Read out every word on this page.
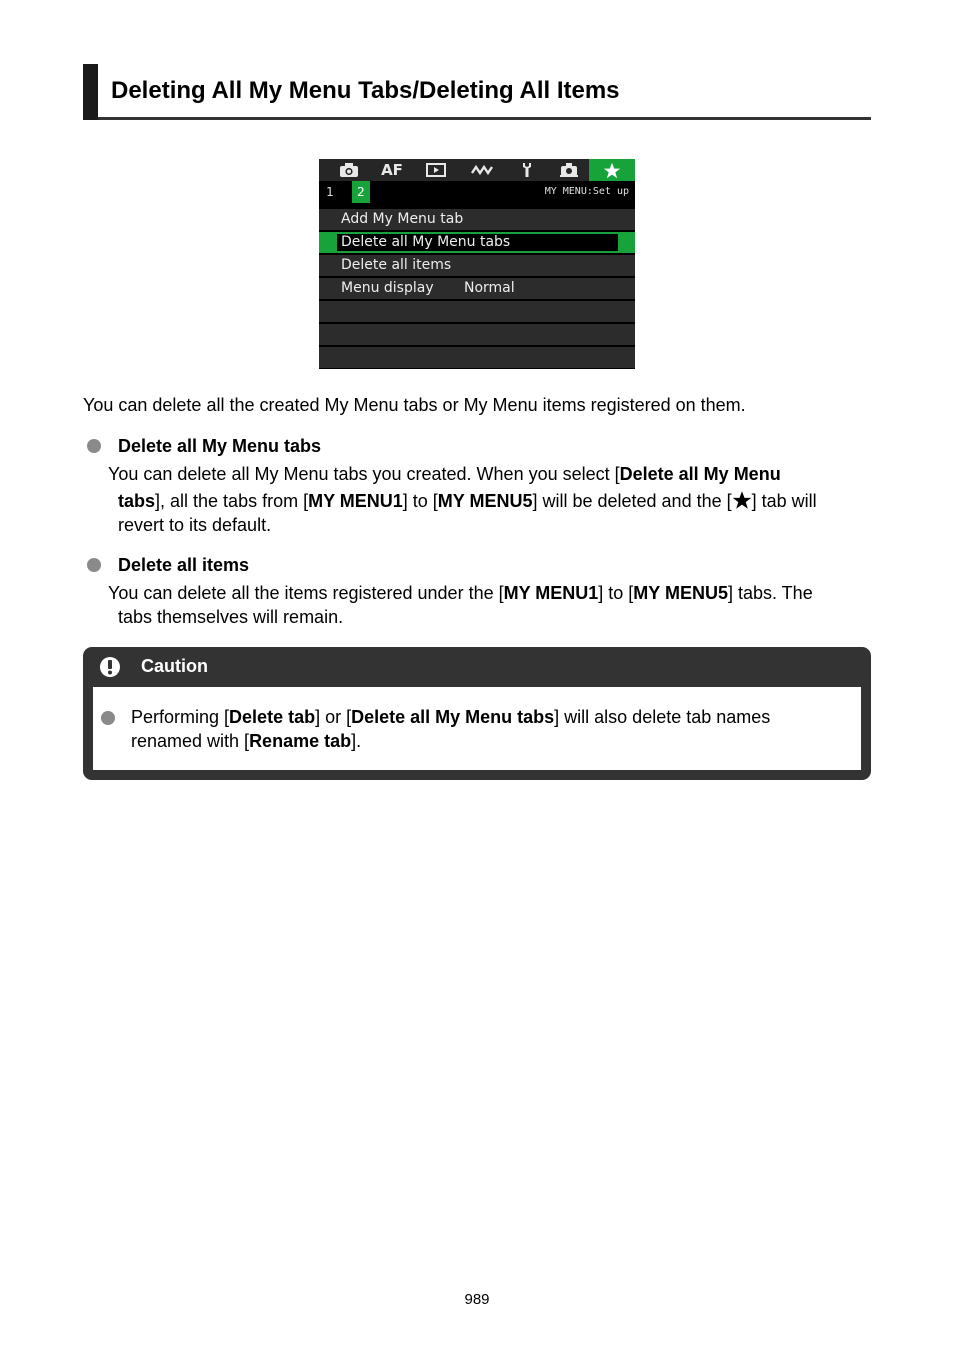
Deleting All My Menu Tabs/Deleting All Items
AF
1	2	MY MENU:Set up
Add My Menu tab
Delete all My Menu tabs
Delete all items
Menu display Normal

You can delete all the created My Menu tabs or My Menu items registered on them.

Delete all My Menu tabs

You can delete all My Menu tabs you created. When you select [Delete all My Menu
tabs], all the tabs from [MY MENU1] to [MY MENU5] will be deleted and the [ ] tab will
revert to its default.

Delete all items

You can delete all the items registered under the [MY MENU1] to [MY MENU5] tabs. The
tabs themselves will remain.

Caution

Performing [Delete tab] or [Delete all My Menu tabs] will also delete tab names
renamed with [Rename tab].

989
